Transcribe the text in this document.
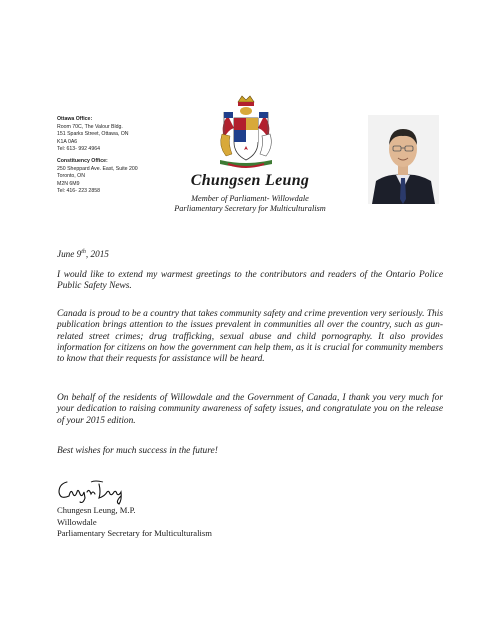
Ottawa Office:
Room 70C, The Valour Bldg.
151 Sparks Street, Ottawa, ON
K1A 0A6
Tel: 613- 992 4964
Constituency Office:
250 Sheppard Ave. East, Suite 200
Toronto, ON
M2N 6M9
Tel: 416- 223 2858
Chungsen Leung
Member of Parliament- Willowdale
Parliamentary Secretary for Multiculturalism
June 9th, 2015
I would like to extend my warmest greetings to the contributors and readers of the Ontario Police Public Safety News.
Canada is proud to be a country that takes community safety and crime prevention very seriously. This publication brings attention to the issues prevalent in communities all over the country, such as gun-related street crimes; drug trafficking, sexual abuse and child pornography. It also provides information for citizens on how the government can help them, as it is crucial for community members to know that their requests for assistance will be heard.
On behalf of the residents of Willowdale and the Government of Canada, I thank you very much for your dedication to raising community awareness of safety issues, and congratulate you on the release of your 2015 edition.
Best wishes for much success in the future!
Chungesn Leung, M.P.
Willowdale
Parliamentary Secretary for Multiculturalism
